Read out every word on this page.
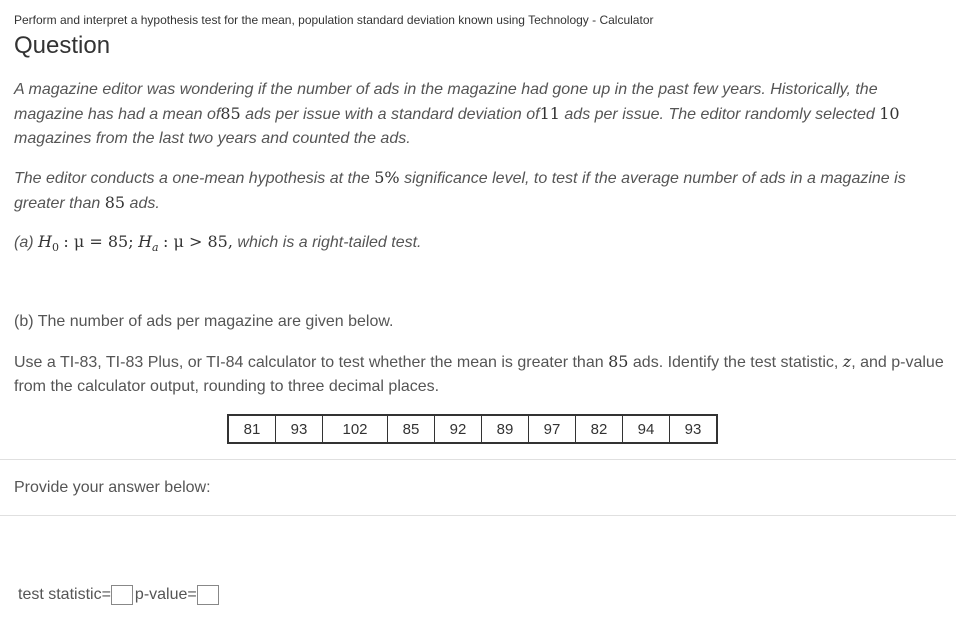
Perform and interpret a hypothesis test for the mean, population standard deviation known using Technology - Calculator
Question
A magazine editor was wondering if the number of ads in the magazine had gone up in the past few years. Historically, the magazine has had a mean of85 ads per issue with a standard deviation of11 ads per issue. The editor randomly selected 10 magazines from the last two years and counted the ads.
The editor conducts a one-mean hypothesis at the 5% significance level, to test if the average number of ads in a magazine is greater than 85 ads.
(a) $H_0$ : μ = 85; $H_a$ : μ > 85, which is a right-tailed test.
(b) The number of ads per magazine are given below.
Use a TI-83, TI-83 Plus, or TI-84 calculator to test whether the mean is greater than 85 ads. Identify the test statistic, z, and p-value from the calculator output, rounding to three decimal places.
81	93	102	85	92	89	97	82	94	93
Provide your answer below:
test statistic= p-value=
